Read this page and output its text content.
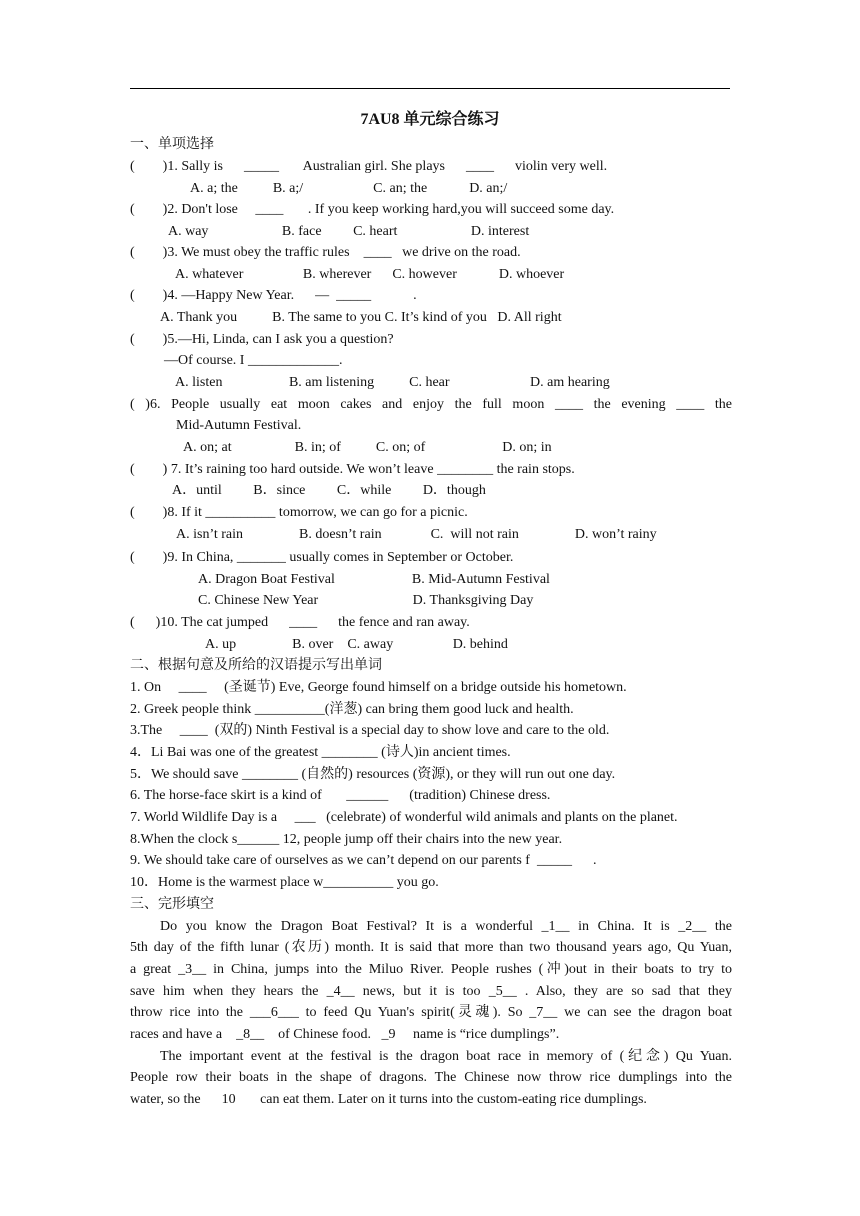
7AU8 单元综合练习
一、单项选择
(        )1. Sally is      _____       Australian girl. She plays      ____      violin very well.
A. a; the          B. a;/                    C. an; the            D. an;/
(        )2. Don't lose     ____       . If you keep working hard,you will succeed some day.
A. way                     B. face         C. heart                     D. interest
(        )3. We must obey the traffic rules    ____   we drive on the road.
A. whatever                 B. wherever      C. however            D. whoever
(        )4. —Happy New Year.      —  _____            .
A. Thank you          B. The same to you C. It’s kind of you   D. All right
(        )5.—Hi, Linda, can I ask you a question?
—Of course. I _____________.
A. listen                   B. am listening          C. hear                       D. am hearing
( )6. People usually eat moon cakes and enjoy the full moon ____ the evening ____ the
Mid-Autumn Festival.
A. on; at                  B. in; of          C. on; of                      D. on; in
(        ) 7. It’s raining too hard outside. We won’t leave ________ the rain stops.
A．until         B．since         C．while         D．though
(        )8. If it __________ tomorrow, we can go for a picnic.
A. isn’t rain                B. doesn’t rain              C.  will not rain                D. won’t rainy
(        )9. In China, _______ usually comes in September or October.
A. Dragon Boat Festival                      B. Mid-Autumn Festival
C. Chinese New Year                           D. Thanksgiving Day
(      )10. The cat jumped      ____      the fence and ran away.
A. up                B. over    C. away                 D. behind
二、根据句意及所给的汉语提示写出单词
1. On     ____     (圣诞节) Eve, George found himself on a bridge outside his hometown.
2. Greek people think __________(洋葱) can bring them good luck and health.
3.The     ____  (双的) Ninth Festival is a special day to show love and care to the old.
4．Li Bai was one of the greatest ________ (诗人)in ancient times.
5．We should save ________ (自然的) resources (资源), or they will run out one day.
6. The horse-face skirt is a kind of       ______      (tradition) Chinese dress.
7. World Wildlife Day is a     ___   (celebrate) of wonderful wild animals and plants on the planet.
8.When the clock s______ 12, people jump off their chairs into the new year.
9. We should take care of ourselves as we can’t depend on our parents f  _____      .
10．Home is the warmest place w__________ you go.
三、完形填空
Do you know the Dragon Boat Festival? It is a wonderful _1__ in China. It is _2__ the
5th day of the fifth lunar (农历) month. It is said that more than two thousand years ago, Qu Yuan,
a great _3__ in China, jumps into the Miluo River. People rushes (冲)out in their boats to try to
save him when they hears the _4__ news, but it is too _5__ . Also, they are so sad that they
throw rice into the ___6___ to feed Qu Yuan's spirit(灵魂). So _7__ we can see the dragon boat
races and have a    _8__    of Chinese food.   _9     name is “rice dumplings”.
The important event at the festival is the dragon boat race in memory of (纪念) Qu Yuan.
People row their boats in the shape of dragons. The Chinese now throw rice dumplings into the
water, so the      10       can eat them. Later on it turns into the custom-eating rice dumplings.
